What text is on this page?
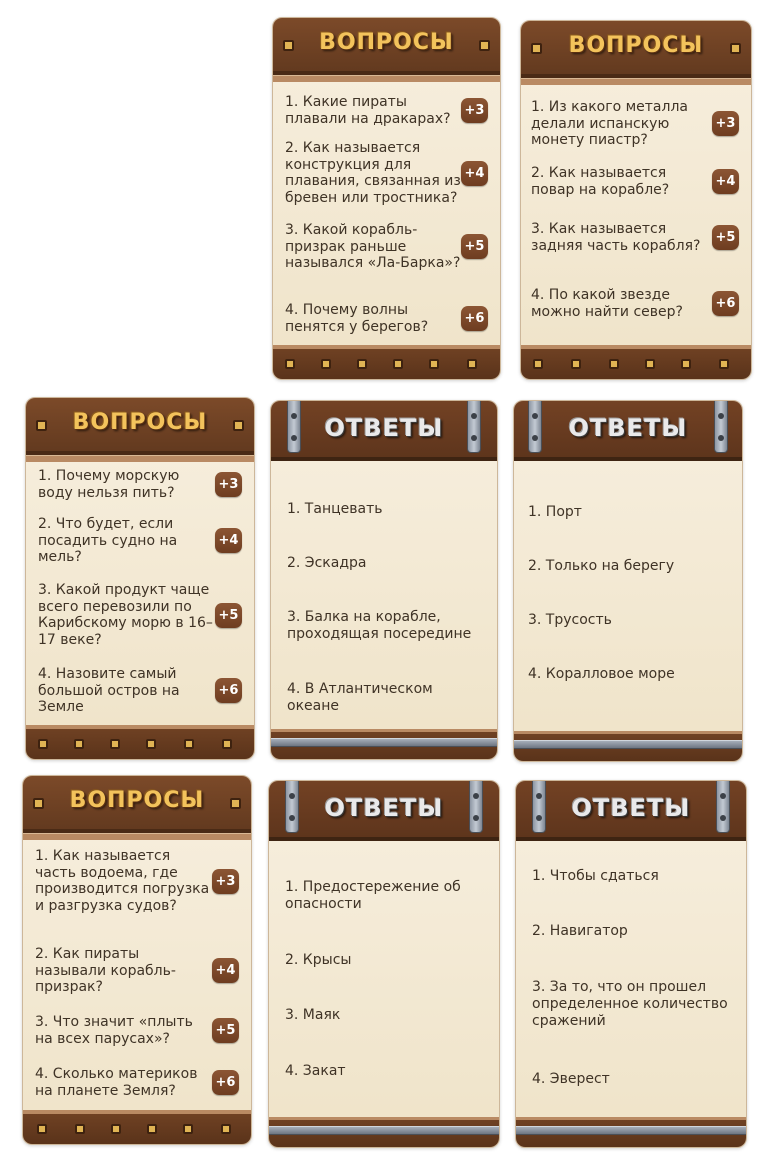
ВОПРОСЫ
1. Какие пираты плавали на дракарах?	+3
2. Как называется конструкция для плавания, связанная из бревен или тростника?
+4
3. Какой корабль-призрак раньше назывался «Ла-Барка»?
+5
4. Почему волны пенятся у берегов?	+6
ВОПРОСЫ
1. Из какого металла делали испанскую монету пиастр?
+3
2. Как называется повар на корабле?	+4
3. Как называется задняя часть корабля?	+5
4. По какой звезде можно найти север?	+6
ВОПРОСЫ
1. Почему морскую воду нельзя пить?	+3
2. Что будет, если посадить судно на мель?
+4
3. Какой продукт чаще всего перевозили по Карибскому морю в 16–17 веке?
+5
4. Назовите самый большой остров на Земле
+6
ОТВЕТЫ
1. Танцевать
2. Эскадра
3. Балка на корабле, проходящая посередине
4. В Атлантическом океане
ОТВЕТЫ
1. Порт
2. Только на берегу
3. Трусость
4. Коралловое море
ВОПРОСЫ
1. Как называется часть водоема, где производится погрузка и разгрузка судов?
+3
2. Как пираты называли корабль-призрак?
+4
3. Что значит «плыть на всех парусах»?	+5
4. Сколько материков на планете Земля?	+6
ОТВЕТЫ
1. Предостережение об опасности
2. Крысы
3. Маяк
4. Закат
ОТВЕТЫ
1. Чтобы сдаться
2. Навигатор
3. За то, что он прошел определенное количество сражений
4. Эверест
